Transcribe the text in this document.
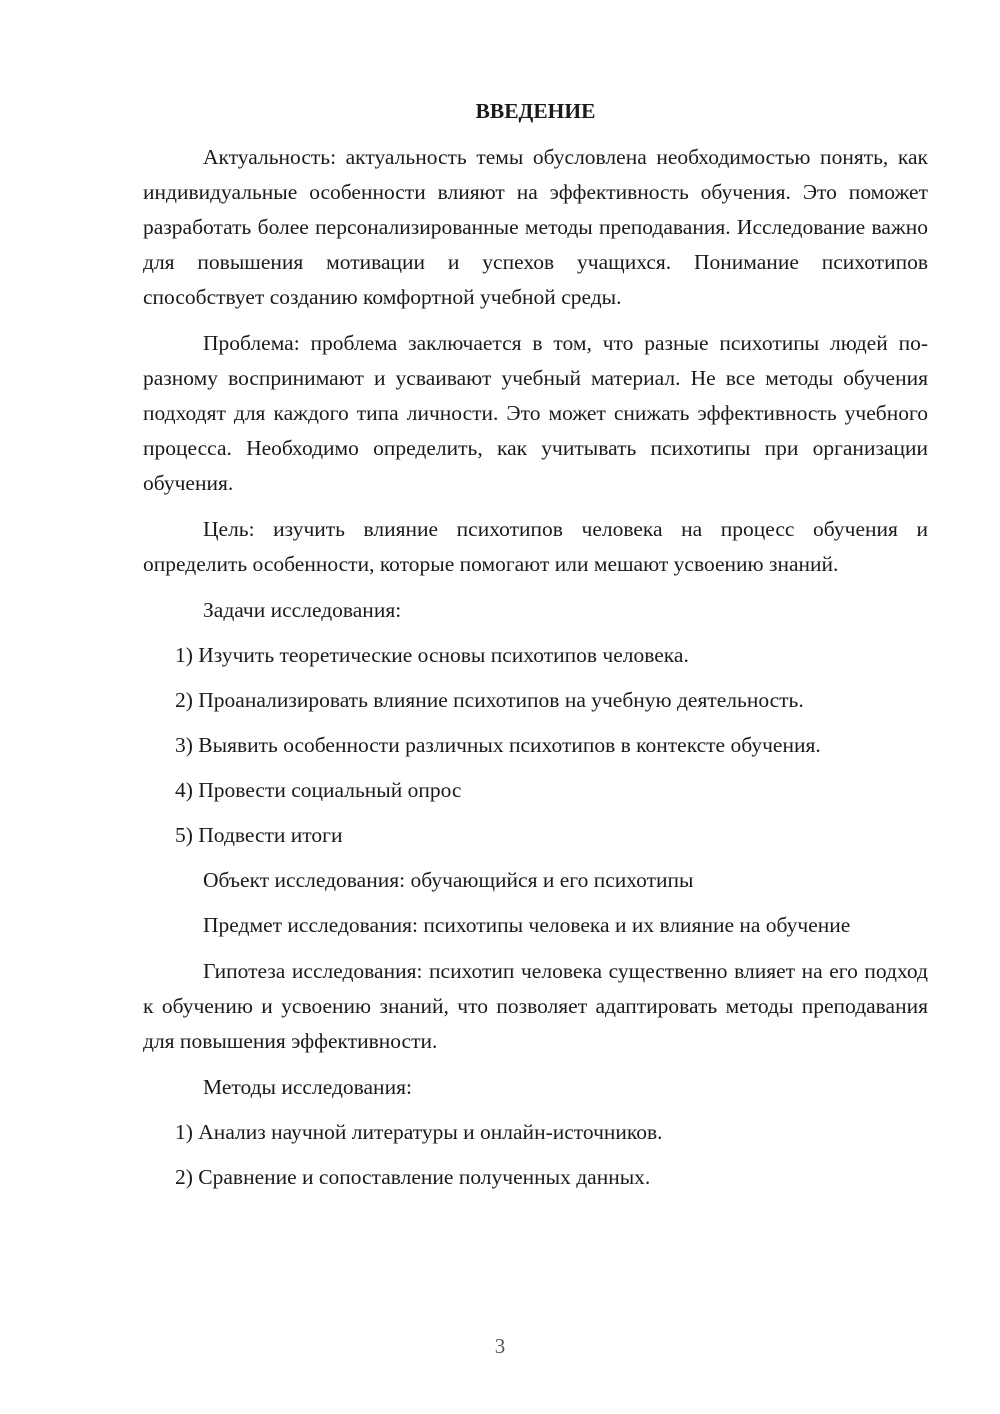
ВВЕДЕНИЕ

Актуальность: актуальность темы обусловлена необходимостью понять, как индивидуальные особенности влияют на эффективность обучения. Это поможет разработать более персонализированные методы преподавания. Исследование важно для повышения мотивации и успехов учащихся. Понимание психотипов способствует созданию комфортной учебной среды.

Проблема: проблема заключается в том, что разные психотипы людей по-разному воспринимают и усваивают учебный материал. Не все методы обучения подходят для каждого типа личности. Это может снижать эффективность учебного процесса. Необходимо определить, как учитывать психотипы при организации обучения.

Цель: изучить влияние психотипов человека на процесс обучения и определить особенности, которые помогают или мешают усвоению знаний.

Задачи исследования:

1) Изучить теоретические основы психотипов человека.

2) Проанализировать влияние психотипов на учебную деятельность.

3) Выявить особенности различных психотипов в контексте обучения.

4) Провести социальный опрос

5) Подвести итоги

Объект исследования: обучающийся и его психотипы

Предмет исследования: психотипы человека и их влияние на обучение

Гипотеза исследования: психотип человека существенно влияет на его подход к обучению и усвоению знаний, что позволяет адаптировать методы преподавания для повышения эффективности.

Методы исследования:

1) Анализ научной литературы и онлайн-источников.

2) Сравнение и сопоставление полученных данных.

3
